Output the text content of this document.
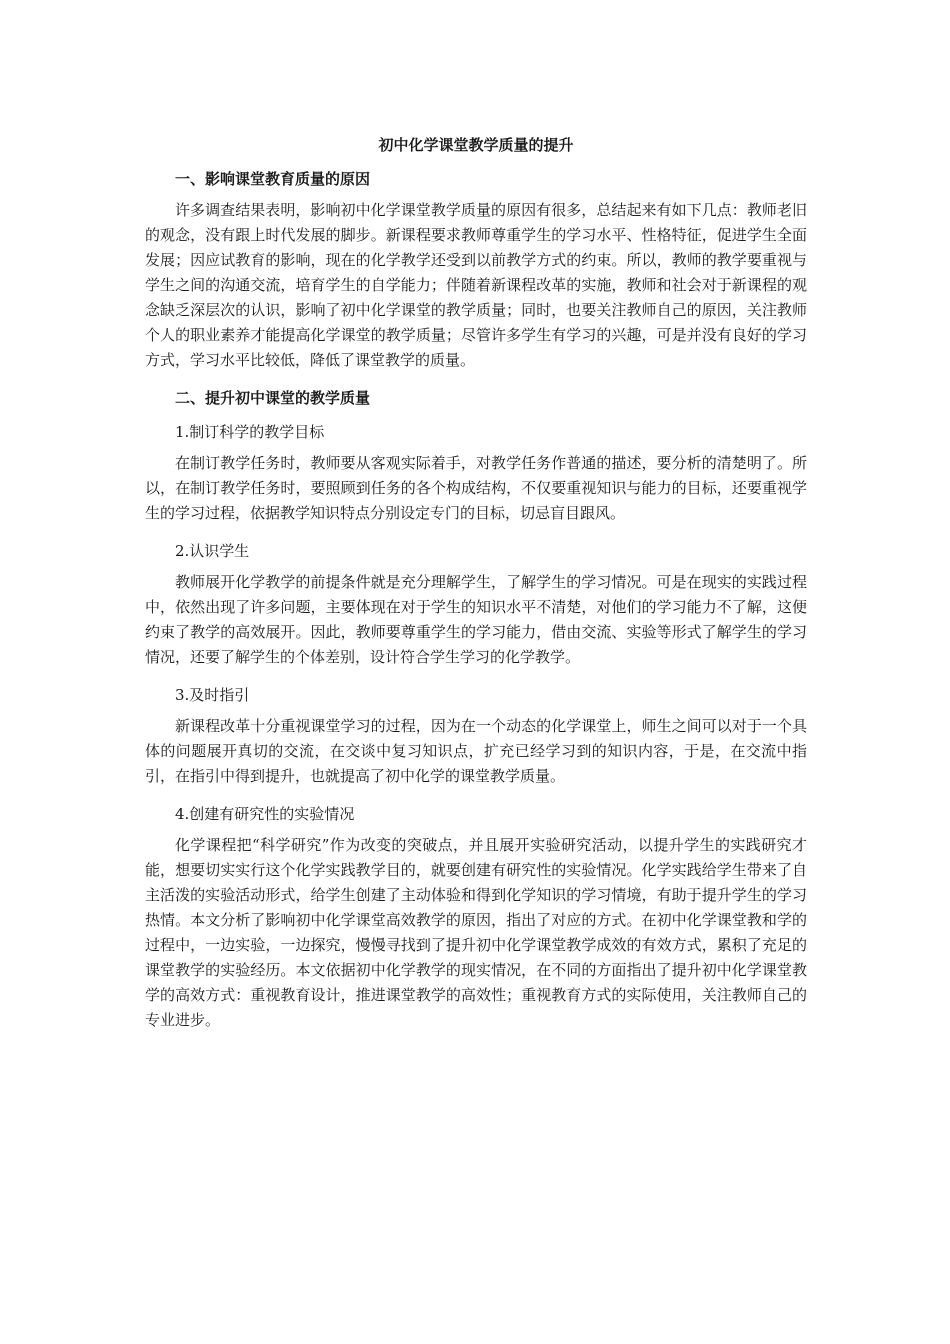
初中化学课堂教学质量的提升
一、影响课堂教育质量的原因

许多调查结果表明，影响初中化学课堂教学质量的原因有很多，总结起来有如下几点：教师老旧的观念，没有跟上时代发展的脚步。新课程要求教师尊重学生的学习水平、性格特征，促进学生全面发展；因应试教育的影响，现在的化学教学还受到以前教学方式的约束。所以，教师的教学要重视与学生之间的沟通交流，培育学生的自学能力；伴随着新课程改革的实施，教师和社会对于新课程的观念缺乏深层次的认识，影响了初中化学课堂的教学质量；同时，也要关注教师自己的原因，关注教师个人的职业素养才能提高化学课堂的教学质量；尽管许多学生有学习的兴趣，可是并没有良好的学习方式，学习水平比较低，降低了课堂教学的质量。

二、提升初中课堂的教学质量
1.制订科学的教学目标

在制订教学任务时，教师要从客观实际着手，对教学任务作普通的描述，要分析的清楚明了。所以，在制订教学任务时，要照顾到任务的各个构成结构，不仅要重视知识与能力的目标，还要重视学生的学习过程，依据教学知识特点分别设定专门的目标，切忌盲目跟风。

2.认识学生

教师展开化学教学的前提条件就是充分理解学生，了解学生的学习情况。可是在现实的实践过程中，依然出现了许多问题，主要体现在对于学生的知识水平不清楚，对他们的学习能力不了解，这便约束了教学的高效展开。因此，教师要尊重学生的学习能力，借由交流、实验等形式了解学生的学习情况，还要了解学生的个体差别，设计符合学生学习的化学教学。

3.及时指引

新课程改革十分重视课堂学习的过程，因为在一个动态的化学课堂上，师生之间可以对于一个具体的问题展开真切的交流，在交谈中复习知识点，扩充已经学习到的知识内容，于是，在交流中指引，在指引中得到提升，也就提高了初中化学的课堂教学质量。

4.创建有研究性的实验情况

化学课程把“科学研究”作为改变的突破点，并且展开实验研究活动，以提升学生的实践研究才能，想要切实实行这个化学实践教学目的，就要创建有研究性的实验情况。化学实践给学生带来了自主活泼的实验活动形式，给学生创建了主动体验和得到化学知识的学习情境，有助于提升学生的学习热情。本文分析了影响初中化学课堂高效教学的原因，指出了对应的方式。在初中化学课堂教和学的过程中，一边实验，一边探究，慢慢寻找到了提升初中化学课堂教学成效的有效方式，累积了充足的课堂教学的实验经历。本文依据初中化学教学的现实情况，在不同的方面指出了提升初中化学课堂教学的高效方式：重视教育设计，推进课堂教学的高效性；重视教育方式的实际使用，关注教师自己的专业进步。
